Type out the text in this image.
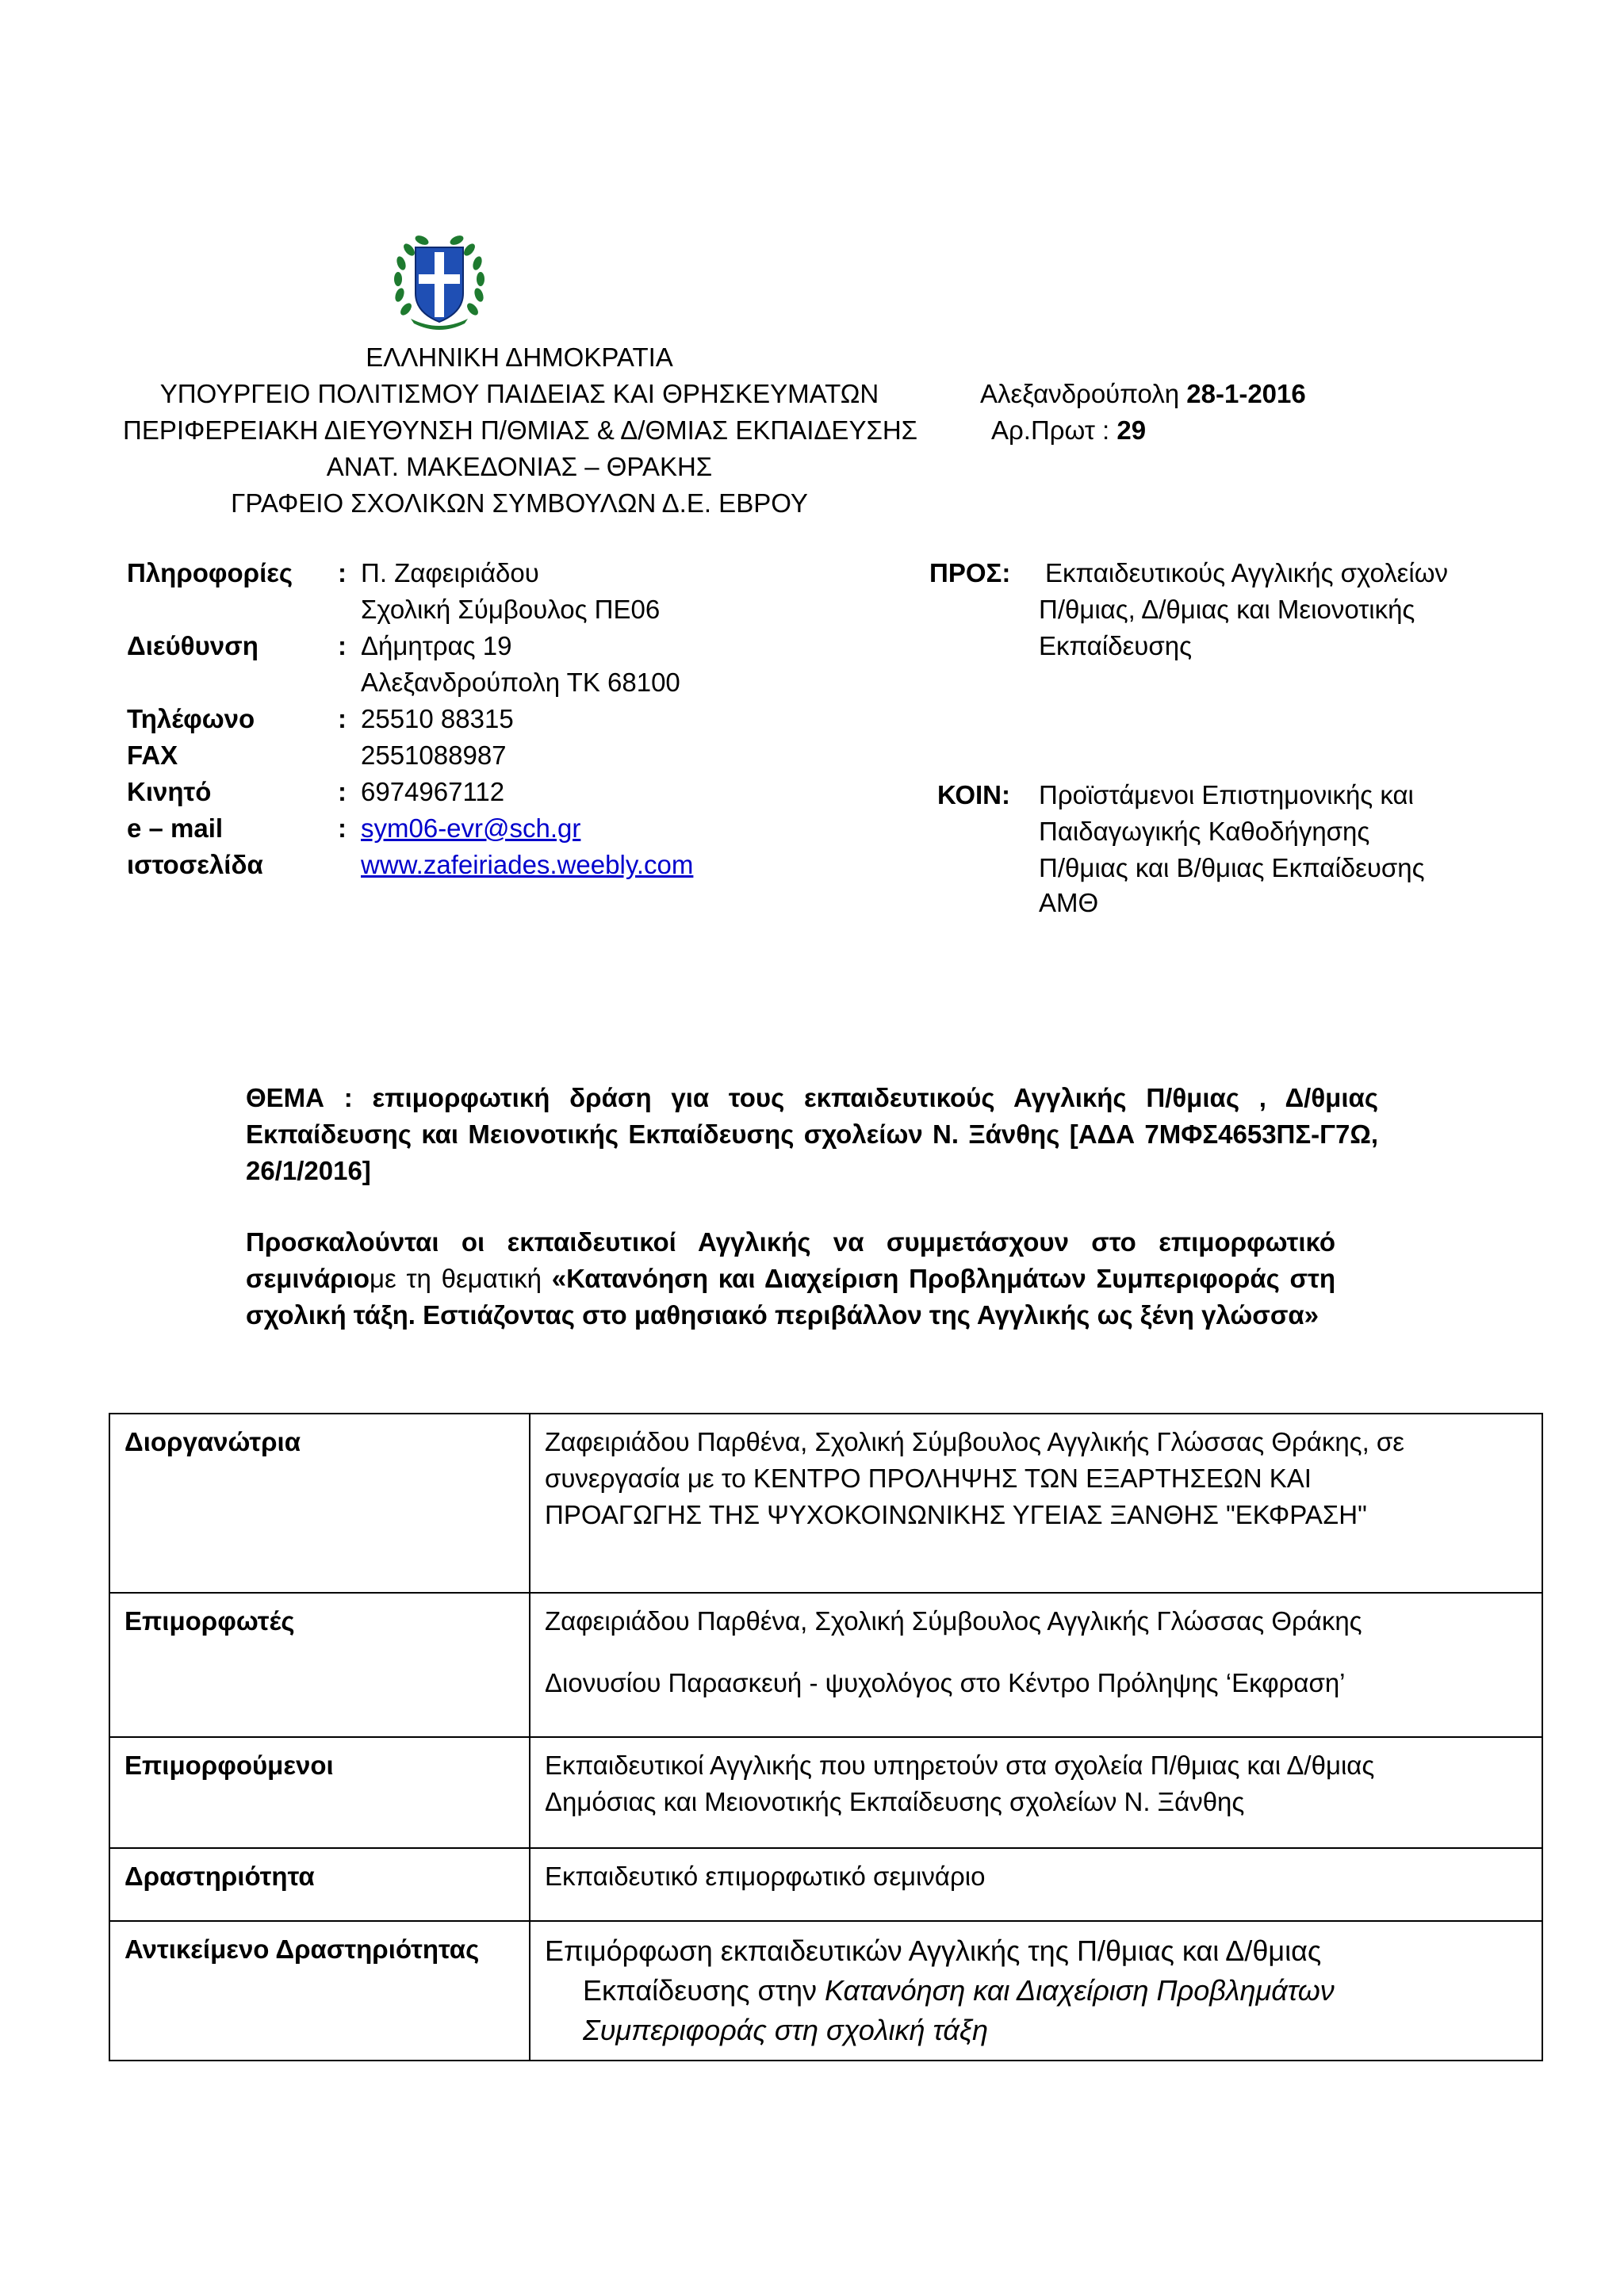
ΕΛΛΗΝΙΚΗ ΔΗΜΟΚΡΑΤΙΑ
ΥΠΟΥΡΓΕΙΟ ΠΟΛΙΤΙΣΜΟΥ ΠΑΙΔΕΙΑΣ ΚΑΙ ΘΡΗΣΚΕΥΜΑΤΩΝ
ΠΕΡΙΦΕΡΕΙΑΚΗ ΔΙΕΥΘΥΝΣΗ Π/ΘΜΙΑΣ & Δ/ΘΜΙΑΣ ΕΚΠΑΙΔΕΥΣΗΣ
ΑΝΑΤ. ΜΑΚΕΔΟΝΙΑΣ – ΘΡΑΚΗΣ
ΓΡΑΦΕΙΟ ΣΧΟΛΙΚΩΝ ΣΥΜΒΟΥΛΩΝ Δ.Ε. ΕΒΡΟΥ
Αλεξανδρούπολη 28-1-2016
Αρ.Πρωτ : 29
Πληροφορίες : Π. Ζαφειριάδου
Σχολική Σύμβουλος ΠΕ06
Διεύθυνση	: Δήμητρας 19
Αλεξανδρούπολη ΤΚ 68100
Τηλέφωνο	: 25510 88315
FAX	2551088987
Κινητό	: 6974967112
e – mail	: sym06-evr@sch.gr
ιστοσελίδα	www.zafeiriades.weebly.com
ΠΡΟΣ: Εκπαιδευτικούς Αγγλικής σχολείων
Π/θμιας, Δ/θμιας και Μειονοτικής
Εκπαίδευσης
ΚΟΙΝ: Προϊστάμενοι Επιστημονικής και
Παιδαγωγικής Καθοδήγησης
Π/θμιας και Β/θμιας Εκπαίδευσης
ΑΜΘ
ΘΕΜΑ : επιμορφωτική δράση για τους εκπαιδευτικούς Αγγλικής Π/θμιας , Δ/θμιας Εκπαίδευσης και Μειονοτικής Εκπαίδευσης σχολείων Ν. Ξάνθης [ΑΔΑ 7ΜΦΣ4653ΠΣ-Γ7Ω, 26/1/2016]
Προσκαλούνται οι εκπαιδευτικοί Αγγλικής να συμμετάσχουν στο επιμορφωτικό σεμινάριομε τη θεματική «Κατανόηση και Διαχείριση Προβλημάτων Συμπεριφοράς στη σχολική τάξη. Εστιάζοντας στο μαθησιακό περιβάλλον της Αγγλικής ως ξένη γλώσσα»
Διοργανώτρια	Ζαφειριάδου Παρθένα, Σχολική Σύμβουλος Αγγλικής Γλώσσας Θράκης, σε
συνεργασία με το ΚΕΝΤΡΟ ΠΡΟΛΗΨΗΣ ΤΩΝ ΕΞΑΡΤΗΣΕΩΝ ΚΑΙ
ΠΡΟΑΓΩΓΗΣ ΤΗΣ ΨΥΧΟΚΟΙΝΩΝΙΚΗΣ ΥΓΕΙΑΣ ΞΑΝΘΗΣ "ΕΚΦΡΑΣΗ"

Επιμορφωτές	Ζαφειριάδου Παρθένα, Σχολική Σύμβουλος Αγγλικής Γλώσσας Θράκης
Διονυσίου Παρασκευή - ψυχολόγος στο Κέντρο Πρόληψης ‘Εκφραση’

Επιμορφούμενοι	Εκπαιδευτικοί Αγγλικής που υπηρετούν στα σχολεία Π/θμιας και Δ/θμιας
Δημόσιας και Μειονοτικής Εκπαίδευσης σχολείων Ν. Ξάνθης

Δραστηριότητα	Εκπαιδευτικό επιμορφωτικό σεμινάριο

Αντικείμενο Δραστηριότητας	Επιμόρφωση εκπαιδευτικών Αγγλικής της Π/θμιας και Δ/θμιας
Εκπαίδευσης στην Κατανόηση και Διαχείριση Προβλημάτων
Συμπεριφοράς στη σχολική τάξη
